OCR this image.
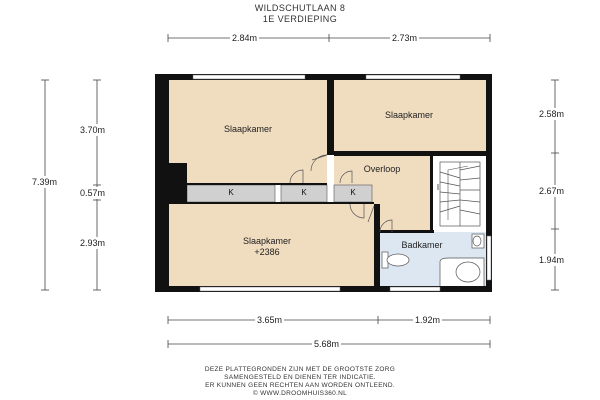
WILDSCHUTLAAN 8
1E VERDIEPING
K	K	K
Slaapkamer
Slaapkamer
Slaapkamer
+2386
Overloop
Badkamer
2.84m	2.73m
7.39m
3.70m
0.57m
2.93m
2.58m
2.67m
1.94m
3.65m	1.92m
5.68m
DEZE PLATTEGRONDEN ZIJN MET DE GROOTSTE ZORG
SAMENGESTELD EN DIENEN TER INDICATIE.
ER KUNNEN GEEN RECHTEN AAN WORDEN ONTLEEND.
© WWW.DROOMHUIS360.NL
